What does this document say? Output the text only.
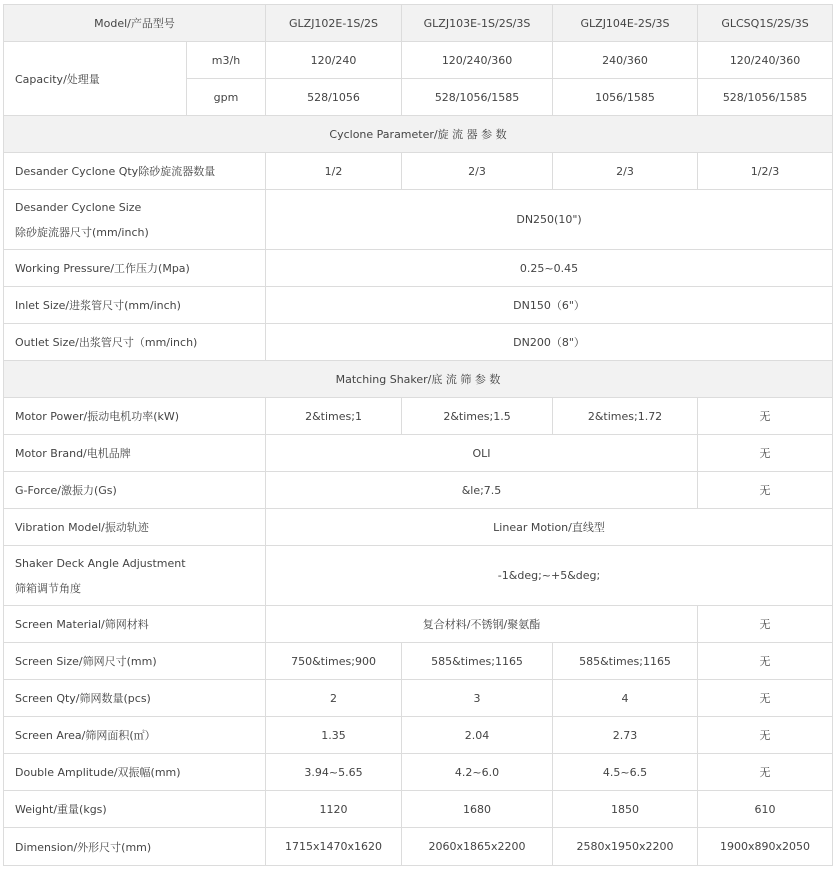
Model/产品型号		GLZJ102E-1S/2S	GLZJ103E-1S/2S/3S	GLZJ104E-2S/3S	GLCSQ1S/2S/3S
Capacity/处理量	m3/h	120/240	120/240/360	240/360	120/240/360
	gpm	528/1056	528/1056/1585	1056/1585	528/1056/1585
Cyclone Parameter/旋 流 器 参 数					
Desander Cyclone Qty除砂旋流器数量		1/2	2/3	2/3	1/2/3

Desander Cyclone Size
除砂旋流器尺寸(mm/inch)		DN250(10")			
Working Pressure/工作压力(Mpa)		0.25~0.45			
Inlet Size/进浆管尺寸(mm/inch)		DN150（6"）			
Outlet Size/出浆管尺寸（mm/inch)		DN200（8"）			
Matching Shaker/底 流 筛 参 数					
Motor Power/振动电机功率(kW)		2&times;1	2&times;1.5	2&times;1.72	无
Motor Brand/电机品牌		OLI			无
G-Force/激振力(Gs)		&le;7.5			无
Vibration Model/振动轨迹		Linear Motion/直线型			

Shaker Deck Angle Adjustment
筛箱调节角度		-1&deg;~+5&deg;			
Screen Material/筛网材料		复合材料/不锈钢/聚氨酯			无
Screen Size/筛网尺寸(mm)		750&times;900	585&times;1165	585&times;1165	无
Screen Qty/筛网数量(pcs)		2	3	4	无
Screen Area/筛网面积(㎡）		1.35	2.04	2.73	无
Double Amplitude/双振幅(mm)		3.94~5.65	4.2~6.0	4.5~6.5	无
Weight/重量(kgs)		1120	1680	1850	610
Dimension/外形尺寸(mm)		1715x1470x1620	2060x1865x2200	2580x1950x2200	1900x890x2050
